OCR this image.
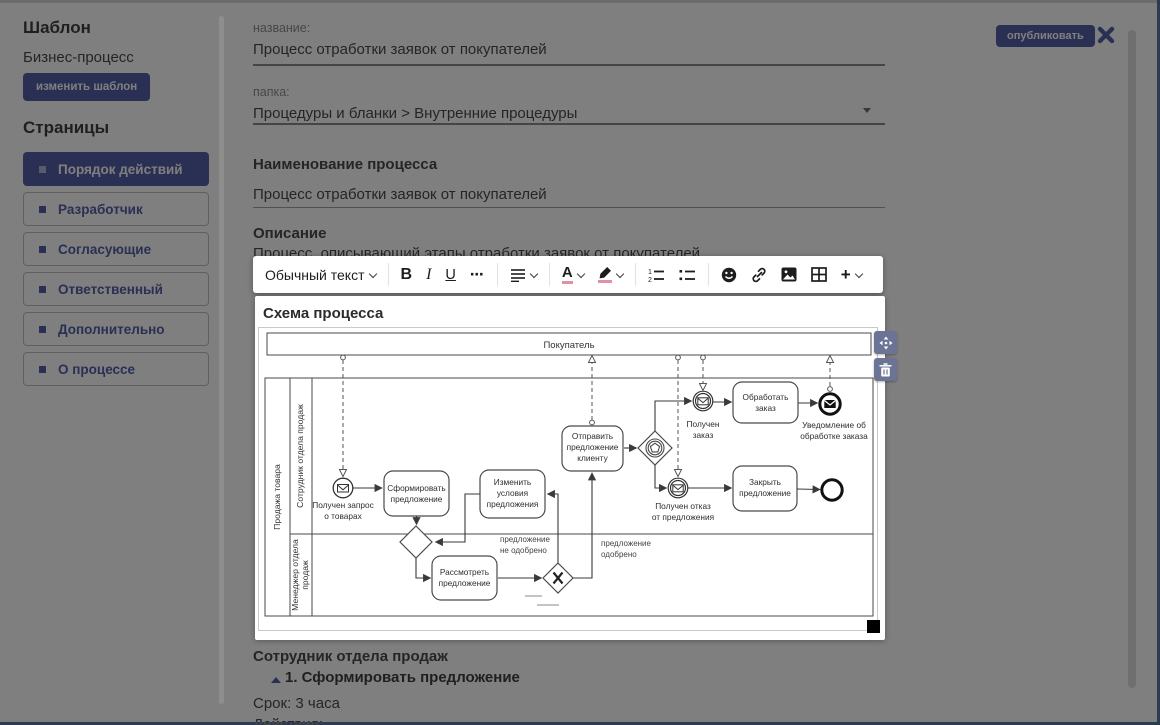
Обычный текст B I U ⋯	A	1
2	+
Схема процесса
Покупатель
Продажа товара Сотрудник отдела продаж
Менеджер отдела продаж
Получен запрос
о товарах
Сформировать
предложение
Изменить
условия
предложения
Рассмотреть
предложение
Отправить
предложение
клиенту
Получен
заказ
Обработать
заказ
Уведомление об
обработке заказа
Получен отказ
от предложения
Закрыть
предложение
предложение
не одобрено
предложение
одобрено
